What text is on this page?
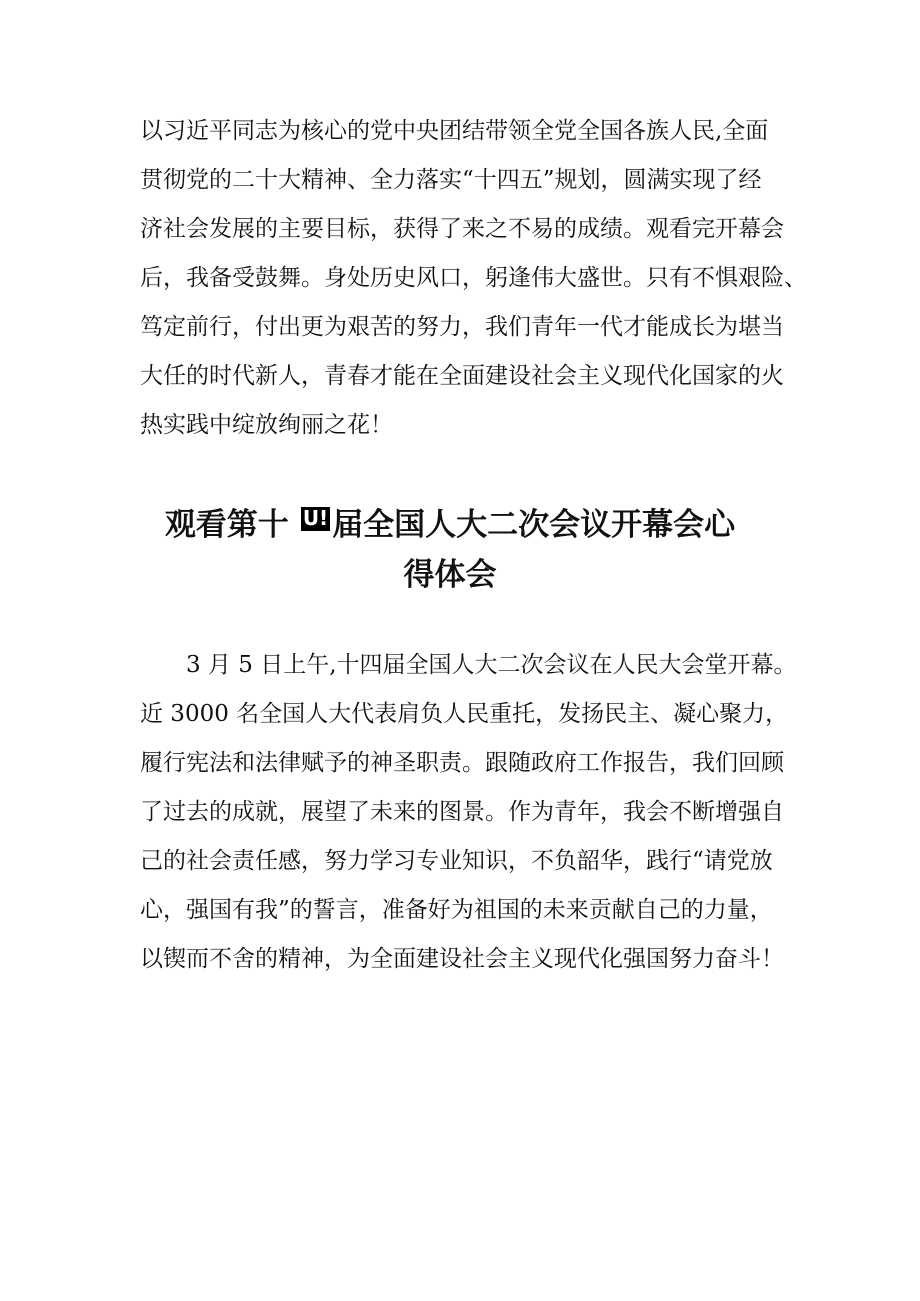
以习近平同志为核心的党中央团结带领全党全国各族人民,全面
贯彻党的二十大精神、全力落实“十四五”规划，圆满实现了经
济社会发展的主要目标，获得了来之不易的成绩。观看完开幕会
后，我备受鼓舞。身处历史风口，躬逢伟大盛世。只有不惧艰险、
笃定前行，付出更为艰苦的努力，我们青年一代才能成长为堪当
大任的时代新人，青春才能在全面建设社会主义现代化国家的火
热实践中绽放绚丽之花！

观看第十 U! 届全国人大二次会议开幕会心
得体会

3 月 5 日上午,十四届全国人大二次会议在人民大会堂开幕。
近 3000 名全国人大代表肩负人民重托，发扬民主、凝心聚力，
履行宪法和法律赋予的神圣职责。跟随政府工作报告，我们回顾
了过去的成就，展望了未来的图景。作为青年，我会不断增强自
己的社会责任感，努力学习专业知识，不负韶华，践行“请党放
心，强国有我”的誓言，准备好为祖国的未来贡献自己的力量，
以锲而不舍的精神，为全面建设社会主义现代化强国努力奋斗！
